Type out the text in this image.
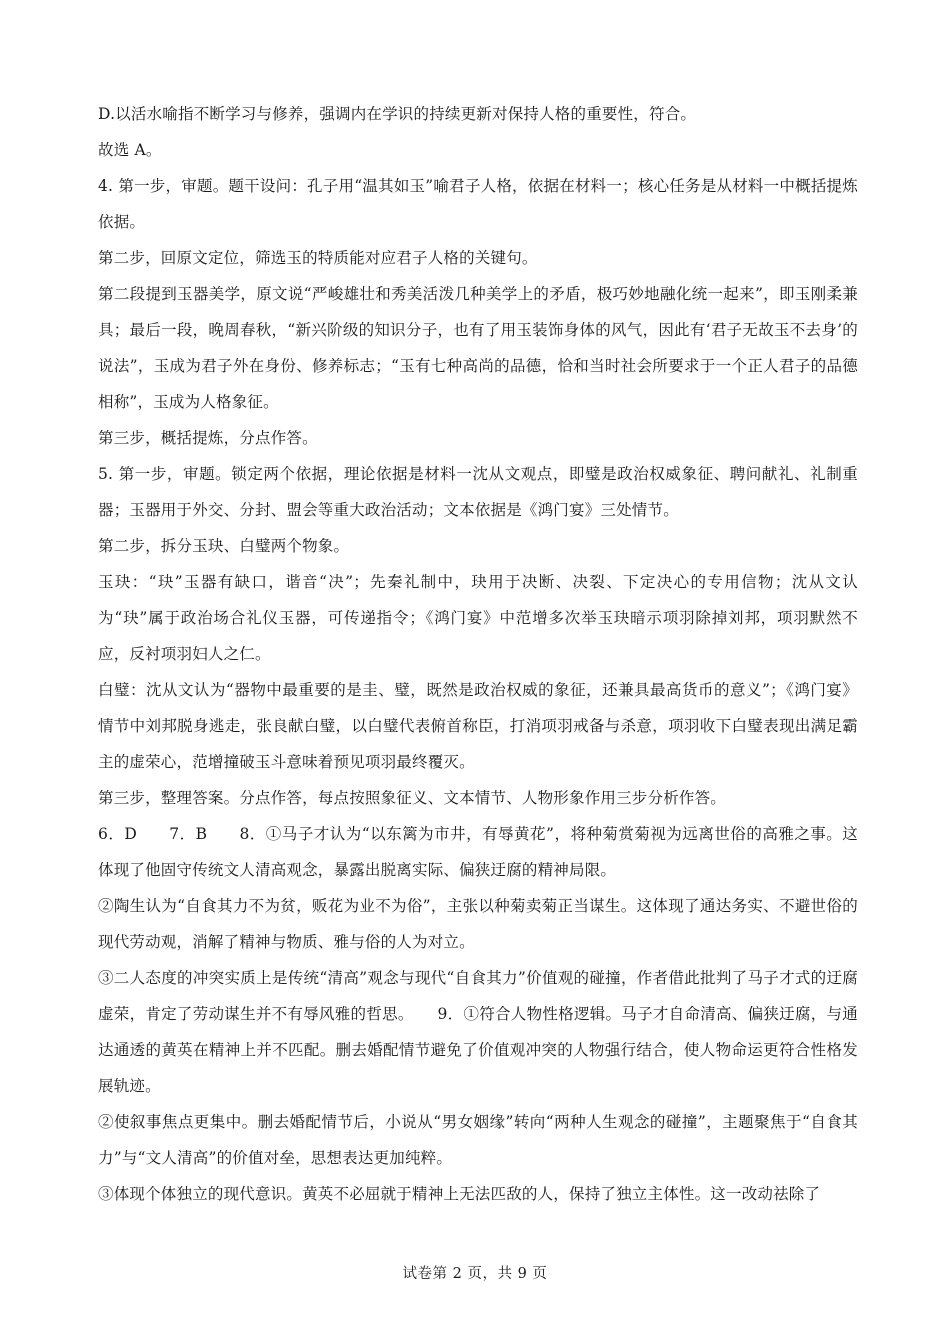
D.以活水喻指不断学习与修养，强调内在学识的持续更新对保持人格的重要性，符合。

故选 A。

4. 第一步，审题。题干设问：孔子用“温其如玉”喻君子人格，依据在材料一；核心任务是从材料一中概括提炼依据。

第二步，回原文定位，筛选玉的特质能对应君子人格的关键句。

第二段提到玉器美学，原文说“严峻雄壮和秀美活泼几种美学上的矛盾，极巧妙地融化统一起来”，即玉刚柔兼具；最后一段，晚周春秋，“新兴阶级的知识分子，也有了用玉装饰身体的风气，因此有‘君子无故玉不去身’的说法”，玉成为君子外在身份、修养标志；“玉有七种高尚的品德，恰和当时社会所要求于一个正人君子的品德相称”，玉成为人格象征。

第三步，概括提炼，分点作答。

5. 第一步，审题。锁定两个依据，理论依据是材料一沈从文观点，即璧是政治权威象征、聘问献礼、礼制重器；玉器用于外交、分封、盟会等重大政治活动；文本依据是《鸿门宴》三处情节。

第二步，拆分玉玦、白璧两个物象。

玉玦：“玦”玉器有缺口，谐音“决”；先秦礼制中，玦用于决断、决裂、下定决心的专用信物；沈从文认为“玦”属于政治场合礼仪玉器，可传递指令；《鸿门宴》中范增多次举玉玦暗示项羽除掉刘邦，项羽默然不应，反衬项羽妇人之仁。

白璧：沈从文认为“器物中最重要的是圭、璧，既然是政治权威的象征，还兼具最高货币的意义”；《鸿门宴》情节中刘邦脱身逃走，张良献白璧，以白璧代表俯首称臣，打消项羽戒备与杀意，项羽收下白璧表现出满足霸主的虚荣心，范增撞破玉斗意味着预见项羽最终覆灭。

第三步，整理答案。分点作答，每点按照象征义、文本情节、人物形象作用三步分析作答。

6．D　　7．B　　8．①马子才认为“以东篱为市井，有辱黄花”，将种菊赏菊视为远离世俗的高雅之事。这体现了他固守传统文人清高观念，暴露出脱离实际、偏狭迂腐的精神局限。

②陶生认为“自食其力不为贫，贩花为业不为俗”，主张以种菊卖菊正当谋生。这体现了通达务实、不避世俗的现代劳动观，消解了精神与物质、雅与俗的人为对立。

③二人态度的冲突实质上是传统“清高”观念与现代“自食其力”价值观的碰撞，作者借此批判了马子才式的迂腐虚荣，肯定了劳动谋生并不有辱风雅的哲思。　　9．①符合人物性格逻辑。马子才自命清高、偏狭迂腐，与通达通透的黄英在精神上并不匹配。删去婚配情节避免了价值观冲突的人物强行结合，使人物命运更符合性格发展轨迹。

②使叙事焦点更集中。删去婚配情节后，小说从“男女姻缘”转向“两种人生观念的碰撞”，主题聚焦于“自食其力”与“文人清高”的价值对垒，思想表达更加纯粹。

③体现个体独立的现代意识。黄英不必屈就于精神上无法匹敌的人，保持了独立主体性。这一改动祛除了

试卷第 2 页，共 9 页
